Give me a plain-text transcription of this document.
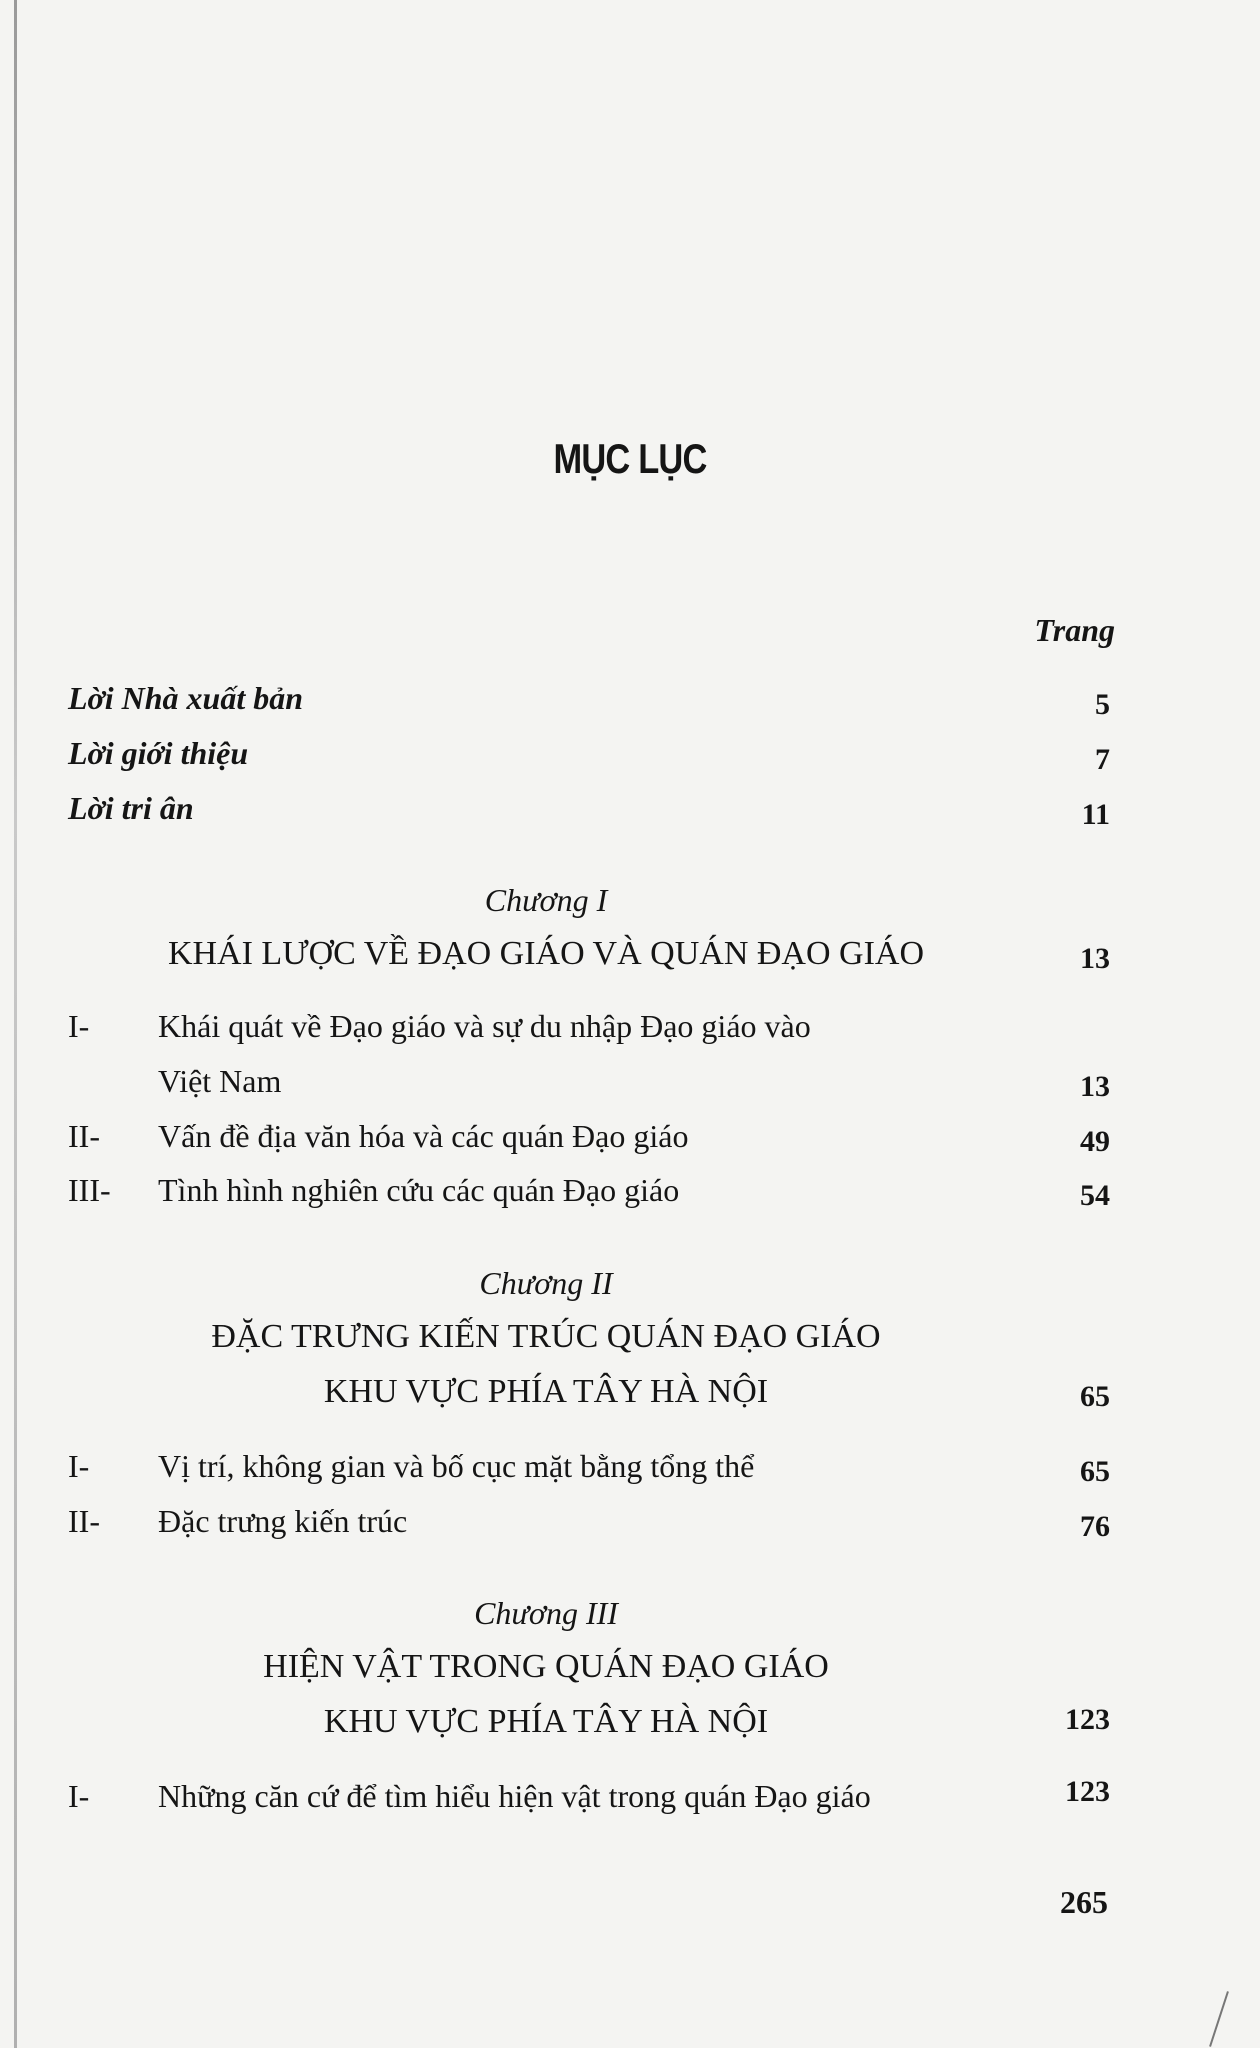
MỤC LỤC
Trang
Lời Nhà xuất bản	5
Lời giới thiệu	7
Lời tri ân	11
Chương I
KHÁI LƯỢC VỀ ĐẠO GIÁO VÀ QUÁN ĐẠO GIÁO	13
I- Khái quát về Đạo giáo và sự du nhập Đạo giáo vào
Việt Nam	13
II- Vấn đề địa văn hóa và các quán Đạo giáo	49
III- Tình hình nghiên cứu các quán Đạo giáo	54
Chương II
ĐẶC TRƯNG KIẾN TRÚC QUÁN ĐẠO GIÁO
KHU VỰC PHÍA TÂY HÀ NỘI	65
I- Vị trí, không gian và bố cục mặt bằng tổng thể	65
II- Đặc trưng kiến trúc	76
Chương III
HIỆN VẬT TRONG QUÁN ĐẠO GIÁO
KHU VỰC PHÍA TÂY HÀ NỘI	123
I- Những căn cứ để tìm hiểu hiện vật trong quán Đạo giáo	123
265
